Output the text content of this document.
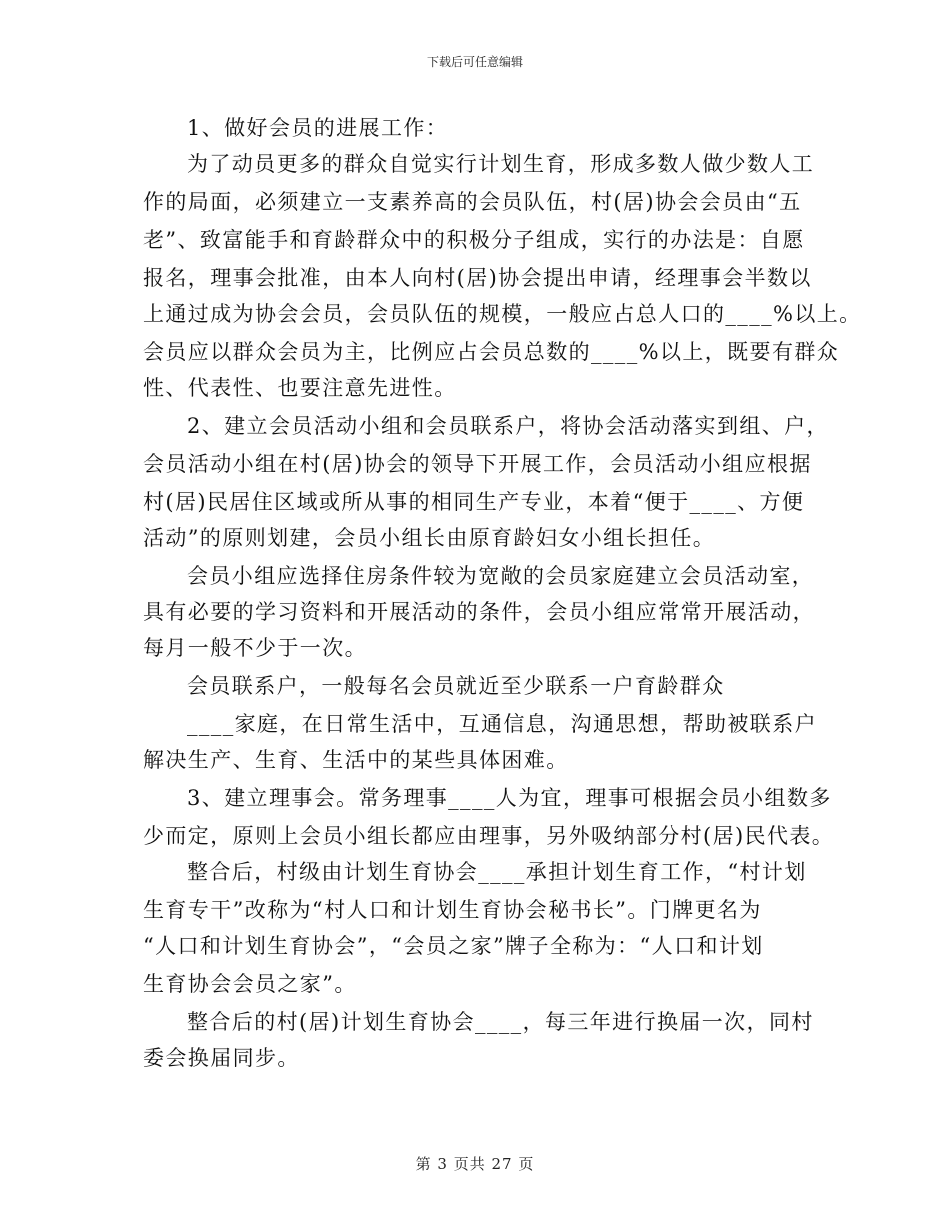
下载后可任意编辑
1、做好会员的进展工作：
为了动员更多的群众自觉实行计划生育，形成多数人做少数人工
作的局面，必须建立一支素养高的会员队伍，村(居)协会会员由“五
老”、致富能手和育龄群众中的积极分子组成，实行的办法是：自愿
报名，理事会批准，由本人向村(居)协会提出申请，经理事会半数以
上通过成为协会会员，会员队伍的规模，一般应占总人口的____%以上。
会员应以群众会员为主，比例应占会员总数的____%以上，既要有群众
性、代表性、也要注意先进性。
2、建立会员活动小组和会员联系户，将协会活动落实到组、户，
会员活动小组在村(居)协会的领导下开展工作，会员活动小组应根据
村(居)民居住区域或所从事的相同生产专业，本着“便于____、方便
活动”的原则划建，会员小组长由原育龄妇女小组长担任。
会员小组应选择住房条件较为宽敞的会员家庭建立会员活动室，
具有必要的学习资料和开展活动的条件，会员小组应常常开展活动，
每月一般不少于一次。
会员联系户，一般每名会员就近至少联系一户育龄群众
____家庭，在日常生活中，互通信息，沟通思想，帮助被联系户
解决生产、生育、生活中的某些具体困难。
3、建立理事会。常务理事____人为宜，理事可根据会员小组数多
少而定，原则上会员小组长都应由理事，另外吸纳部分村(居)民代表。
整合后，村级由计划生育协会____承担计划生育工作，“村计划
生育专干”改称为“村人口和计划生育协会秘书长”。门牌更名为
“人口和计划生育协会”，“会员之家”牌子全称为：“人口和计划
生育协会会员之家”。
整合后的村(居)计划生育协会____，每三年进行换届一次，同村
委会换届同步。
第 3 页共 27 页
